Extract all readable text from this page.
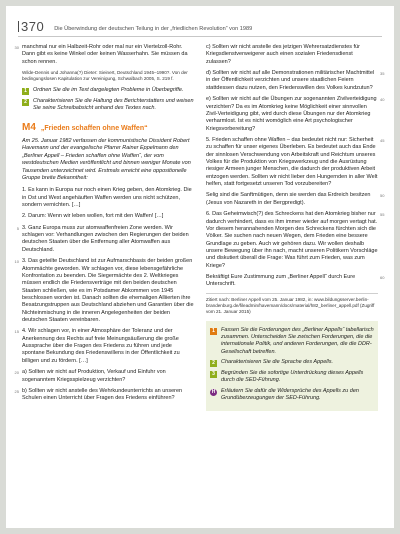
370 Die Überwindung der deutschen Teilung in der „friedlichen Revolution“ von 1989
30 manchmal nur ein Halbzeit-Rohr oder mal nur ein Viertelzoll-Rohr. Dann gibt es keine Winkel oder keinen Wasserhahn. Sie müssen da schon rennen.
Wilde-Dennis und Johanna(?) Dieter: Sieinert, Deutschland 1945–1990?. Von der bedingungslosen Kapitulation zur Vereinigung, Schwalbach 2005, S. 219 f.
1	Ordnen Sie die im Text dargelegten Probleme in Überbegriffe.
2	Charakterisieren Sie die Haltung des Berichterstatters und weisen Sie seine Schreibabsicht anhand des Textes nach.
M4 „Frieden schaffen ohne Waffen“
Am 25. Januar 1982 verfassen der kommunistische Dissident Robert Havemann und der evangelische Pfarrer Rainer Eppelmann den „Berliner Appell – Frieden schaffen ohne Waffen“, der vom westdeutschen Medien veröffentlicht und binnen weniger Monate von Tausenden unterzeichnet wird. Erstmals erreicht eine oppositionelle Gruppe breite Bekanntheit:
1. Es kann in Europa nur noch einen Krieg geben, den Atomkrieg. Die in Ost und West angehäuften Waffen werden uns nicht schützen, sondern vernichten. […]
2. Darum: Wenn wir leben wollen, fort mit den Waffen! […]
5 3. Ganz Europa muss zur atomwaffenfreien Zone werden. Wir schlagen vor: Verhandlungen zwischen den Regierungen der beiden deutschen Staaten über die Entfernung aller Atomwaffen aus Deutschland.
10 3. Das geteilte Deutschland ist zur Aufmarschbasis der beiden großen Atommächte geworden. Wir schlagen vor, diese lebensgefährliche Konfrontation zu beenden. Die Siegermächte des 2. Weltkrieges müssen endlich die Friedensverträge mit den beiden deutschen Staaten schließen, wie es im Potsdamer Abkommen von 1945 beschlossen worden ist. Danach sollten die ehemaligen Alliierten ihre Besatzungstruppen aus Deutschland abziehen und Garantien über die Nichteinmischung in die inneren Angelegenheiten der beiden deutschen Staaten vereinbaren.
15 4. Wir schlagen vor, in einer Atmosphäre der Toleranz und der Anerkennung des Rechts auf freie Meinungsäußerung die große Aussprache über die Fragen des Friedens zu führen und jede spontane Bekundung des Friedenswillens in der Öffentlichkeit zu billigen und zu fördern. […]
20 a) Sollten wir nicht auf Produktion, Verkauf und Einfuhr von sogenanntem Kriegsspielzeug verzichten?
25 b) Sollten wir nicht anstelle des Wehrkundeunterrichts an unseren Schulen einen Unterricht über Fragen des Friedens einführen?
c) Sollten wir nicht anstelle des jetzigen Wehrersatzdienstes für Kriegsdienstverweigerer auch einen sozialen Friedensdienst zulassen?
35
d) Sollten wir nicht auf alle Demonstrationen militärischer Machtmittel in der Öffentlichkeit verzichten und unsere staatlichen Feiern stattdessen dazu nutzen, den Friedenswillen des Volkes kundzutun?
40
e) Sollten wir nicht auf die Übungen zur sogenannten Zivilverteidigung verzichten? Da es im Atomkrieg keine Möglichkeit einer sinnvollen Zivil-Verteidigung gibt, wird durch diese Übungen nur der Atomkrieg verharmlost. Ist es nicht womöglich eine Art psychologischer Kriegsvorbereitung?
45
5. Frieden schaffen ohne Waffen – das bedeutet nicht nur: Sicherheit zu schaffen für unser eigenes Überleben. Es bedeutet auch das Ende der sinnlosen Verschwendung von Arbeitskraft und Reichtum unseres Volkes für die Produktion von Kriegswerkzeug und die Ausrüstung riesiger Armeen junger Menschen, die dadurch der produktiven Arbeit entzogen werden. Sollten wir nicht lieber den Hungernden in aller Welt helfen, statt fortgesetzt unseren Tod vorzubereiten?
50
Selig sind die Sanftmütigen, denn sie werden das Erdreich besitzen (Jesus von Nazareth in der Bergpredigt).
55
6. Das Geheimwisch(?) des Schreckens hat den Atomkrieg bisher nur dadurch verhindert, dass es ihm immer wieder auf morgen vertagt hat. Vor diesem herannahenden Morgen des Schreckens fürchten sich die Völker. Sie suchen nach neuen Wegen, dem Frieden eine bessere Grundlage zu geben. Auch wir gehören dazu. Wir wollen deshalb unsere Bewegung über ihn nach, macht unseren Politikern Vorschläge und diskutiert überall die Frage: Was führt zum Frieden, was zum Kriege?
60
Bekräftigt Eure Zustimmung zum „Berliner Appell“ durch Eure Unterschrift.
Zitiert nach: Berliner Appell vom 25. Januar 1982, in: www.bildungsserver.berlin-brandenburg.de/fileadmin/havemann/docs/material/h82_berliner_appell.pdf (Zugriff vom 21. Januar 2015)
1	Fassen Sie die Forderungen des „Berliner Appells“ tabellarisch zusammen. Unterscheiden Sie zwischen Forderungen, die die internationale Politik, und anderen Forderungen, die die DDR-Gesellschaft betreffen.
2	Charakterisieren Sie die Sprache des Appells.
3	Begründen Sie die sofortige Unterdrückung dieses Appells durch die SED-Führung.
H	Erläutern Sie dafür die Widersprüche des Appells zu den Grundüberzeugungen der SED-Führung.
